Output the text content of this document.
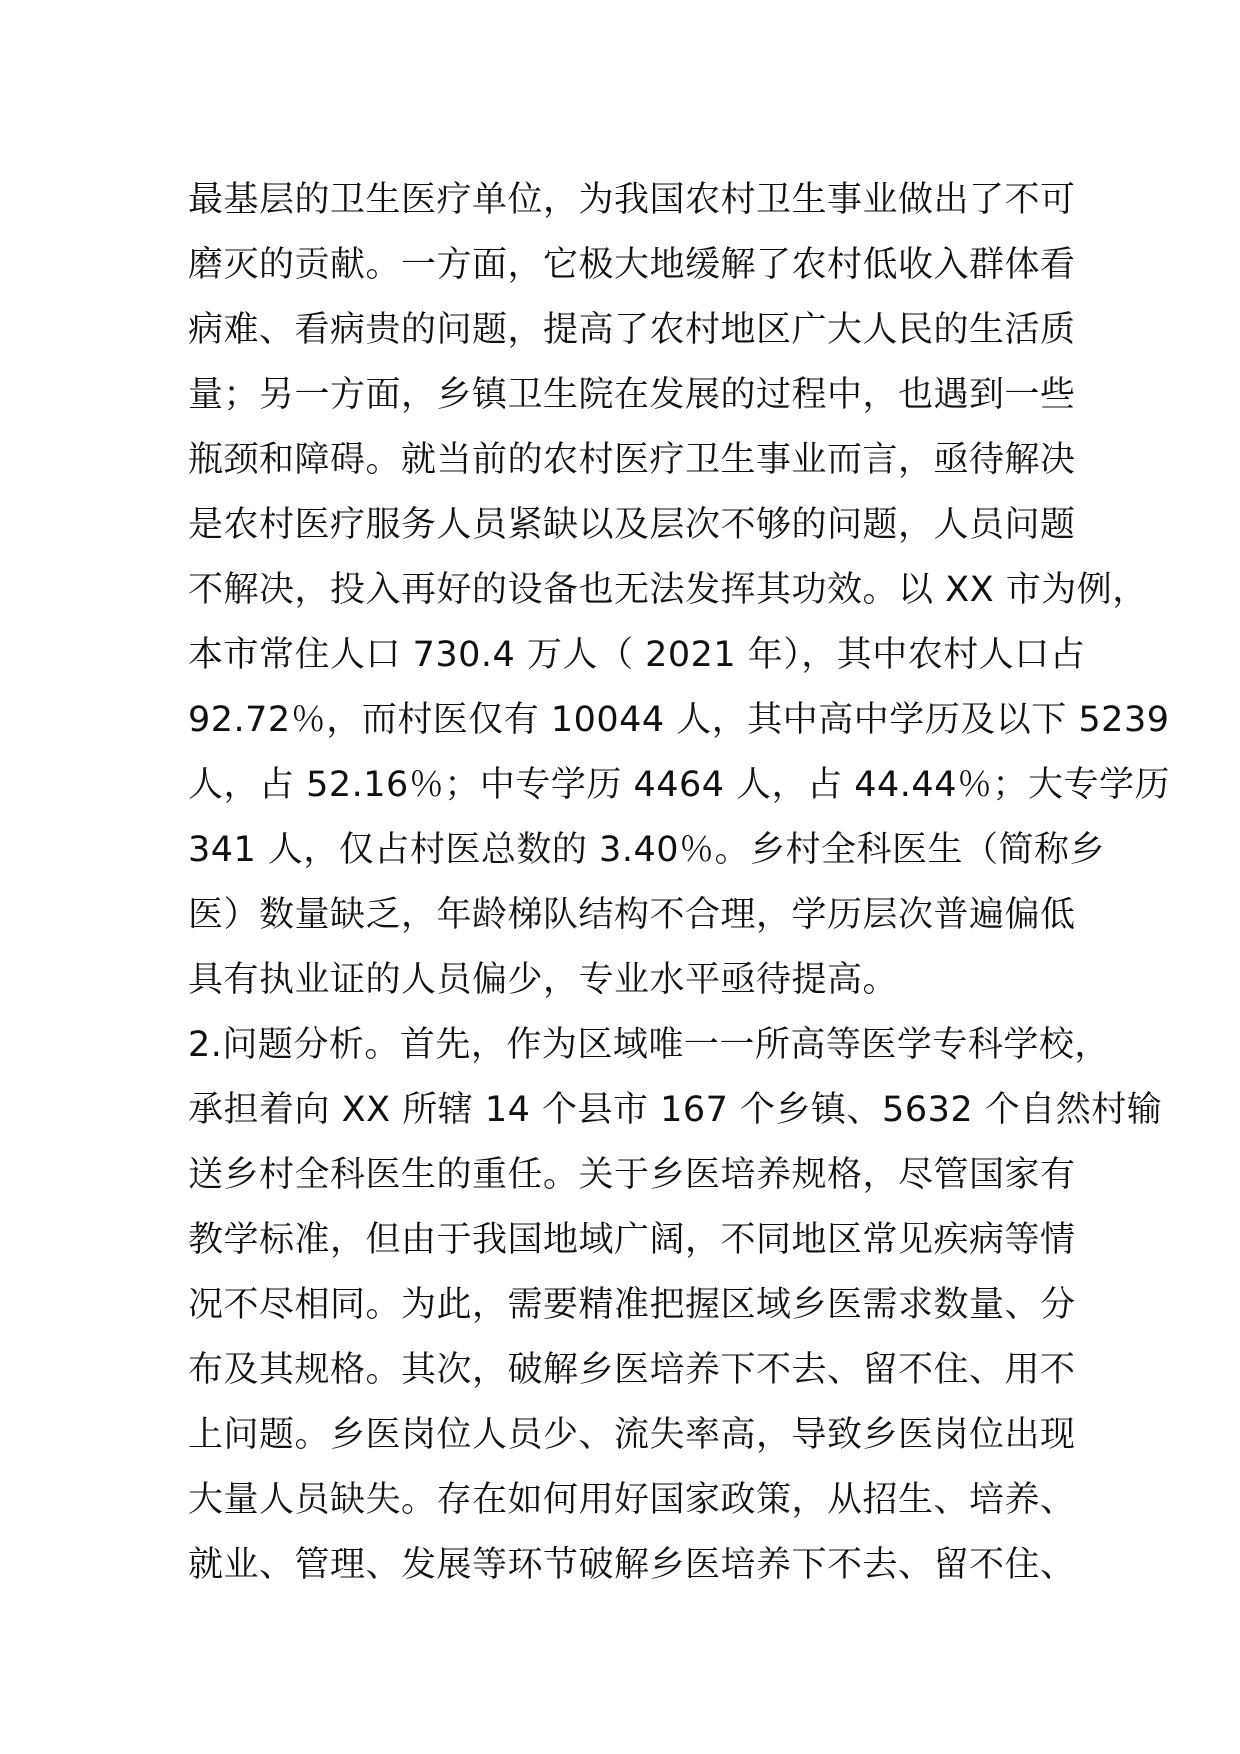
最基层的卫生医疗单位，为我国农村卫生事业做出了不可
磨灭的贡献。一方面，它极大地缓解了农村低收入群体看
病难、看病贵的问题，提高了农村地区广大人民的生活质
量；另一方面，乡镇卫生院在发展的过程中，也遇到一些
瓶颈和障碍。就当前的农村医疗卫生事业而言，亟待解决
是农村医疗服务人员紧缺以及层次不够的问题，人员问题
不解决，投入再好的设备也无法发挥其功效。以 XX 市为例，
本市常住人口 730.4 万人（ 2021 年），其中农村人口占
92.72％，而村医仅有 10044 人，其中高中学历及以下 5239
人，占 52.16％；中专学历 4464 人，占 44.44％；大专学历
341 人，仅占村医总数的 3.40％。乡村全科医生（简称乡
医）数量缺乏，年龄梯队结构不合理，学历层次普遍偏低
具有执业证的人员偏少，专业水平亟待提高。
2.问题分析。首先，作为区域唯一一所高等医学专科学校，
承担着向 XX 所辖 14 个县市 167 个乡镇、5632 个自然村输
送乡村全科医生的重任。关于乡医培养规格，尽管国家有
教学标准，但由于我国地域广阔，不同地区常见疾病等情
况不尽相同。为此，需要精准把握区域乡医需求数量、分
布及其规格。其次，破解乡医培养下不去、留不住、用不
上问题。乡医岗位人员少、流失率高，导致乡医岗位出现
大量人员缺失。存在如何用好国家政策，从招生、培养、
就业、管理、发展等环节破解乡医培养下不去、留不住、
